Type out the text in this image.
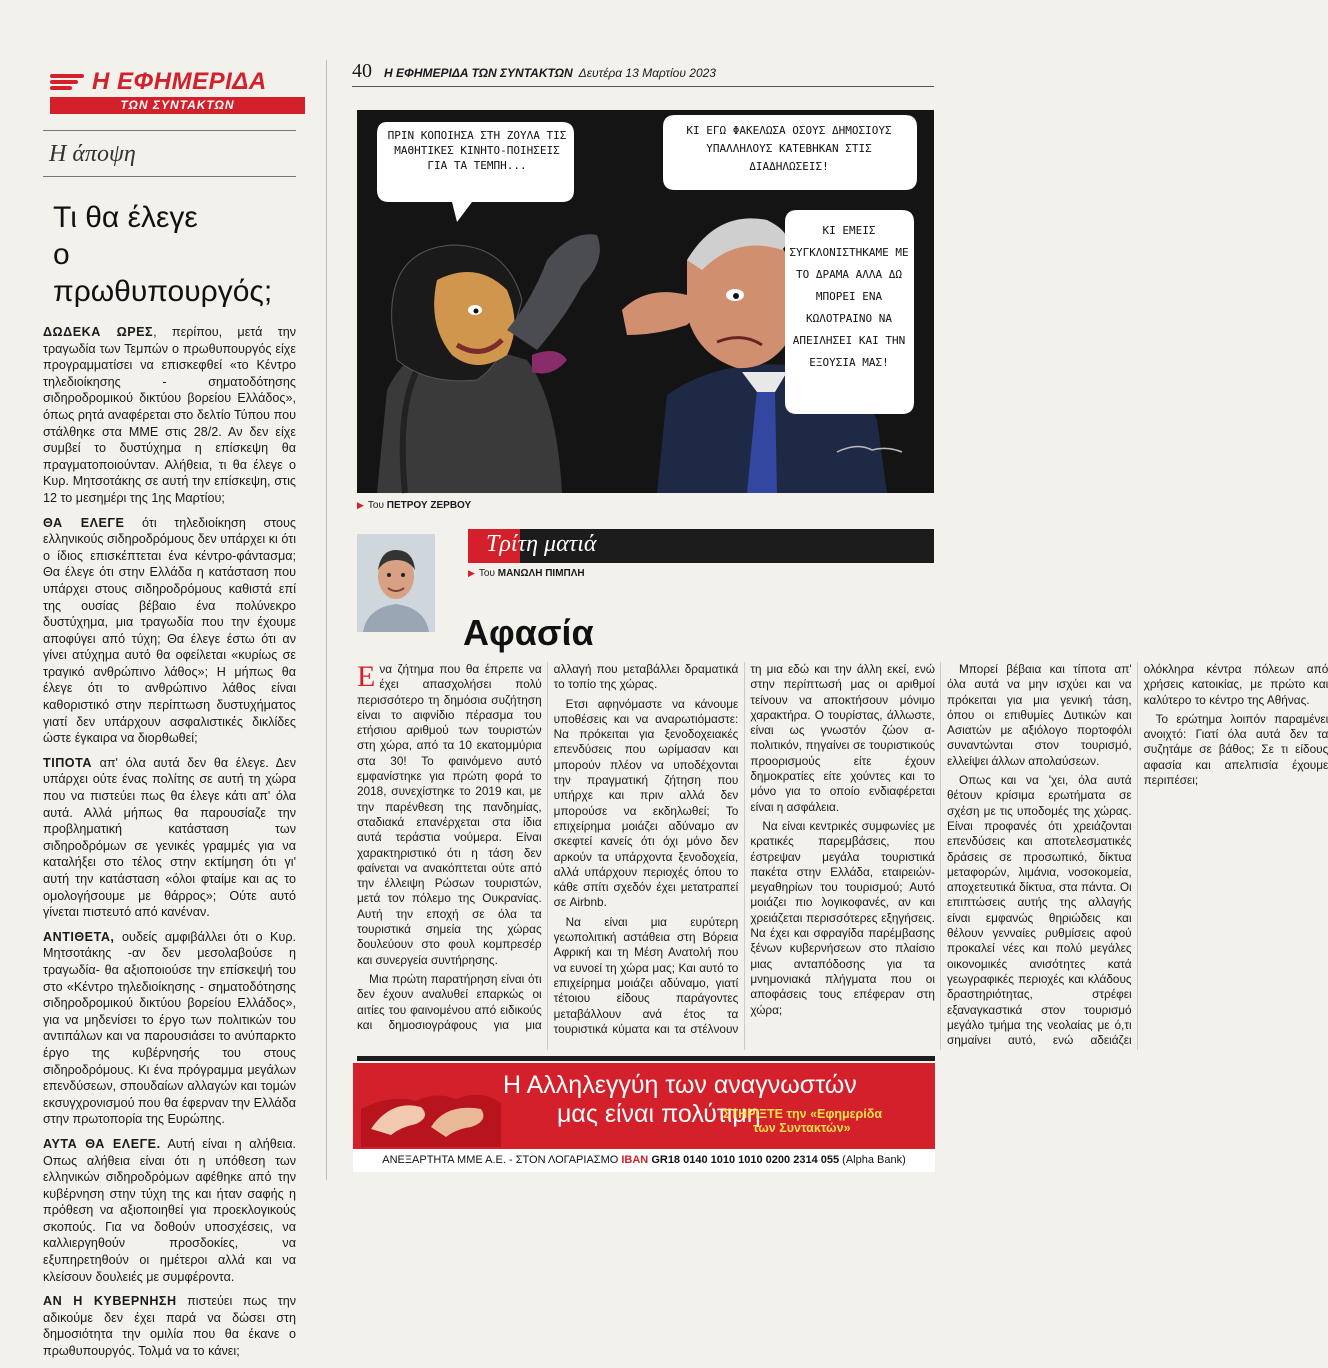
Η ΕΦΗΜΕΡΙΔΑ
ΤΩΝ ΣΥΝΤΑΚΤΩΝ
Η άποψη
Τι θα έλεγε
ο πρωθυπουργός;

ΔΩΔΕΚΑ ΩΡΕΣ, περίπου, μετά την τραγωδία των Τεμπών ο πρωθυπουργός είχε προγραμματίσει να επισκεφθεί «το Κέντρο τηλεδιοίκησης - σηματοδότησης σιδηροδρομικού δικτύου βορείου Ελλάδος», όπως ρητά αναφέρεται στο δελτίο Τύπου που στάλθηκε στα ΜΜΕ στις 28/2. Αν δεν είχε συμβεί το δυστύχημα η επίσκεψη θα πραγματοποιούνταν. Αλήθεια, τι θα έλεγε ο Κυρ. Μητσοτάκης σε αυτή την επίσκεψη, στις 12 το μεσημέρι της 1ης Μαρτίου;

ΘΑ ΕΛΕΓΕ ότι τηλεδιοίκηση στους ελληνικούς σιδηροδρόμους δεν υπάρχει κι ότι ο ίδιος επισκέπτεται ένα κέντρο-φάντασμα; Θα έλεγε ότι στην Ελλάδα η κατάσταση που υπάρχει στους σιδηροδρόμους καθιστά επί της ουσίας βέβαιο ένα πολύνεκρο δυστύχημα, μια τραγωδία που την έχουμε αποφύγει από τύχη; Θα έλεγε έστω ότι αν γίνει ατύχημα αυτό θα οφείλεται «κυρίως σε τραγικό ανθρώπινο λάθος»; Η μήπως θα έλεγε ότι το ανθρώπινο λάθος είναι καθοριστικό στην περίπτωση δυστυχήματος γιατί δεν υπάρχουν ασφαλιστικές δικλίδες ώστε έγκαιρα να διορθωθεί;

ΤΙΠΟΤΑ απ' όλα αυτά δεν θα έλεγε. Δεν υπάρχει ούτε ένας πολίτης σε αυτή τη χώρα που να πιστεύει πως θα έλεγε κάτι απ' όλα αυτά. Αλλά μήπως θα παρουσίαζε την προβληματική κατάσταση των σιδηροδρόμων σε γενικές γραμμές για να καταλήξει στο τέλος στην εκτίμηση ότι γι' αυτή την κατάσταση «όλοι φταίμε και ας το ομολογήσουμε με θάρρος»; Ούτε αυτό γίνεται πιστευτό από κανέναν.

ΑΝΤΙΘΕΤΑ, ουδείς αμφιβάλλει ότι ο Κυρ. Μητσοτάκης -αν δεν μεσολαβούσε η τραγωδία- θα αξιοποιούσε την επίσκεψή του στο «Κέντρο τηλεδιοίκησης - σηματοδότησης σιδηροδρομικού δικτύου βορείου Ελλάδος», για να μηδενίσει το έργο των πολιτικών του αντιπάλων και να παρουσιάσει το ανύπαρκτο έργο της κυβέρνησής του στους σιδηροδρόμους. Κι ένα πρόγραμμα μεγάλων επενδύσεων, σπουδαίων αλλαγών και τομών εκσυγχρονισμού που θα έφερναν την Ελλάδα στην πρωτοπορία της Ευρώπης.

ΑΥΤΑ ΘΑ ΕΛΕΓΕ. Αυτή είναι η αλήθεια. Οπως αλήθεια είναι ότι η υπόθεση των ελληνικών σιδηροδρόμων αφέθηκε από την κυβέρνηση στην τύχη της και ήταν σαφής η πρόθεση να αξιοποιηθεί για προεκλογικούς σκοπούς. Για να δοθούν υποσχέσεις, να καλλιεργηθούν προσδοκίες, να εξυπηρετηθούν οι ημέτεροι αλλά και να κλείσουν δουλειές με συμφέροντα.

ΑΝ Η ΚΥΒΕΡΝΗΣΗ πιστεύει πως την αδικούμε δεν έχει παρά να δώσει στη δημοσιότητα την ομιλία που θα έκανε ο πρωθυπουργός. Τολμά να το κάνει;

40 Η ΕΦΗΜΕΡΙΔΑ ΤΩΝ ΣΥΝΤΑΚΤΩΝ Δευτέρα 13 Μαρτίου 2023
ΠΡΙΝ ΚΟΠΟΙΗΣΑ ΣΤΗ ΖΟΥΛΑ ΤΙΣ ΜΑΘΗΤΙΚΕΣ ΚΙΝΗΤΟ-ΠΟΙΗΣΕΙΣ ΓΙΑ ΤΑ ΤΕΜΠΗ...
ΚΙ ΕΓΩ ΦΑΚΕΛΩΣΑ ΟΣΟΥΣ ΔΗΜΟΣΙΟΥΣ ΥΠΑΛΛΗΛΟΥΣ ΚΑΤΕΒΗΚΑΝ ΣΤΙΣ ΔΙΑΔΗΛΩΣΕΙΣ!
ΚΙ ΕΜΕΙΣ ΣΥΓΚΛΟΝΙΣΤΗΚΑΜΕ ΜΕ ΤΟ ΔΡΑΜΑ ΑΛΛΑ ΔΩ ΜΠΟΡΕΙ ΕΝΑ ΚΩΛΟΤΡΑΙΝΟ ΝΑ ΑΠΕΙΛΗΣΕΙ ΚΑΙ ΤΗΝ ΕΞΟΥΣΙΑ ΜΑΣ!
▶ Του ΠΕΤΡΟΥ ΖΕΡΒΟΥ
Τρίτη ματιά
▶ Του ΜΑΝΩΛΗ ΠΙΜΠΛΗ
Αφασία

Ενα ζήτημα που θα έπρεπε να έχει απασχολήσει πολύ περισσότερο τη δημόσια συζήτηση είναι το αιφνίδιο πέρασμα του ετήσιου αριθμού των τουριστών στη χώρα, από τα 10 εκατομμύρια στα 30! Το φαινόμενο αυτό εμφανίστηκε για πρώτη φορά το 2018, συνεχίστηκε το 2019 και, με την παρένθεση της πανδημίας, σταδιακά επανέρχεται στα ίδια αυτά τεράστια νούμερα. Είναι χαρακτηριστικό ότι η τάση δεν φαίνεται να ανακόπτεται ούτε από την έλλειψη Ρώσων τουριστών, μετά τον πόλεμο της Ουκρανίας. Αυτή την εποχή σε όλα τα τουριστικά σημεία της χώρας δουλεύουν στο φουλ κομπρεσέρ και συνεργεία συντήρησης.

Μια πρώτη παρατήρηση είναι ότι δεν έχουν αναλυθεί επαρκώς οι αιτίες του φαινομένου από ειδικούς και δημοσιογράφους για μια αλλαγή που μεταβάλλει δραματικά το τοπίο της χώρας.

Ετσι αφηνόμαστε να κάνουμε υποθέσεις και να αναρωτιόμαστε: Να πρόκειται για ξενοδοχειακές επενδύσεις που ωρίμασαν και μπορούν πλέον να υποδέχονται την πραγματική ζήτηση που υπήρχε και πριν αλλά δεν μπορούσε να εκδηλωθεί; Το επιχείρημα μοιάζει αδύναμο αν σκεφτεί κανείς ότι όχι μόνο δεν αρκούν τα υπάρχοντα ξενοδοχεία, αλλά υπάρχουν περιοχές όπου το κάθε σπίτι σχεδόν έχει μετατραπεί σε Airbnb.

Να είναι μια ευρύτερη γεωπολιτική αστάθεια στη Βόρεια Αφρική και τη Μέση Ανατολή που να ευνοεί τη χώρα μας; Και αυτό το επιχείρημα μοιάζει αδύναμο, γιατί τέτοιου είδους παράγοντες μεταβάλλουν ανά έτος τα τουριστικά κύματα και τα στέλνουν τη μια εδώ και την άλλη εκεί, ενώ στην περίπτωσή μας οι αριθμοί τείνουν να αποκτήσουν μόνιμο χαρακτήρα. Ο τουρίστας, άλλωστε, είναι ως γνωστόν ζώον α-πολιτικόν, πηγαίνει σε τουριστικούς προορισμούς είτε έχουν δημοκρατίες είτε χούντες και το μόνο για το οποίο ενδιαφέρεται είναι η ασφάλεια.

Να είναι κεντρικές συμφωνίες με κρατικές παρεμβάσεις, που έστρεψαν μεγάλα τουριστικά πακέτα στην Ελλάδα, εταιρειών-μεγαθηρίων του τουρισμού; Αυτό μοιάζει πιο λογικοφανές, αν και χρειάζεται περισσότερες εξηγήσεις. Να έχει και σφραγίδα παρέμβασης ξένων κυβερνήσεων στο πλαίσιο μιας ανταπόδοσης για τα μνημονιακά πλήγματα που οι αποφάσεις τους επέφεραν στη χώρα;

Μπορεί βέβαια και τίποτα απ' όλα αυτά να μην ισχύει και να πρόκειται για μια γενική τάση, όπου οι επιθυμίες Δυτικών και Ασιατών με αξιόλογο πορτοφόλι συναντώνται στον τουρισμό, ελλείψει άλλων απολαύσεων.

Οπως και να 'χει, όλα αυτά θέτουν κρίσιμα ερωτήματα σε σχέση με τις υποδομές της χώρας. Είναι προφανές ότι χρειάζονται επενδύσεις και αποτελεσματικές δράσεις σε προσωπικό, δίκτυα μεταφορών, λιμάνια, νοσοκομεία, αποχετευτικά δίκτυα, στα πάντα. Οι επιπτώσεις αυτής της αλλαγής είναι εμφανώς θηριώδεις και θέλουν γενναίες ρυθμίσεις αφού προκαλεί νέες και πολύ μεγάλες οικονομικές ανισότητες κατά γεωγραφικές περιοχές και κλάδους δραστηριότητας, στρέφει εξαναγκαστικά στον τουρισμό μεγάλο τμήμα της νεολαίας με ό,τι σημαίνει αυτό, ενώ αδειάζει ολόκληρα κέντρα πόλεων από χρήσεις κατοικίας, με πρώτο και καλύτερο το κέντρο της Αθήνας.

Το ερώτημα λοιπόν παραμένει ανοιχτό: Γιατί όλα αυτά δεν τα συζητάμε σε βάθος; Σε τι είδους αφασία και απελπισία έχουμε περιπέσει;

Η Αλληλεγγύη των αναγνωστών
μας είναι πολύτιμη
ΣΤΗΡΙΞΤΕ την «Εφημερίδα
των Συντακτών»
ΑΝΕΞΑΡΤΗΤΑ ΜΜΕ Α.Ε. - ΣΤΟΝ ΛΟΓΑΡΙΑΣΜΟ IBAN GR18 0140 1010 1010 0200 2314 055 (Alpha Bank)
